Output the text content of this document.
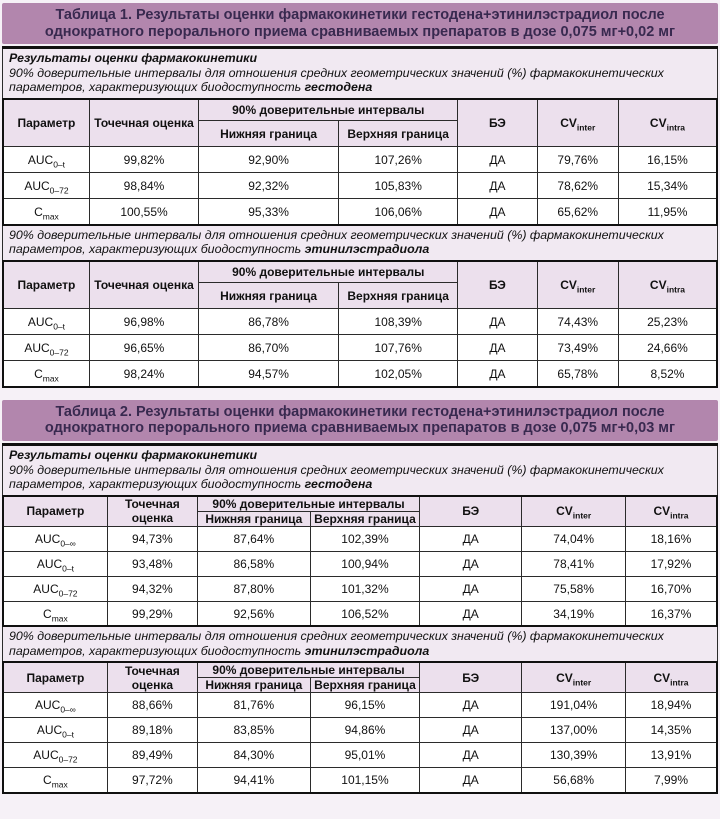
Таблица 1. Результаты оценки фармакокинетики гестодена+этинилэстрадиол после однократного перорального приема сравниваемых препаратов в дозе 0,075 мг+0,02 мг
Результаты оценки фармакокинетики
90% доверительные интервалы для отношения средних геометрических значений (%) фармакокинетических параметров, характеризующих биодоступность гестодена
Параметр	Точечная оценка	90% доверительные интервалы		БЭ	$CV_{inter}$	$CV_{intra}$
		Нижняя граница	Верхняя граница			
$AUC_{0-t}$	99,82%	92,90%	107,26%	ДА	79,76%	16,15%
$AUC_{0-72}$	98,84%	92,32%	105,83%	ДА	78,62%	15,34%
$C_{max}$	100,55%	95,33%	106,06%	ДА	65,62%	11,95%
90% доверительные интервалы для отношения средних геометрических значений (%) фармакокинетических параметров, характеризующих биодоступность этинилэстрадиола
Параметр	Точечная оценка	90% доверительные интервалы		БЭ	$CV_{inter}$	$CV_{intra}$
		Нижняя граница	Верхняя граница			
$AUC_{0-t}$	96,98%	86,78%	108,39%	ДА	74,43%	25,23%
$AUC_{0-72}$	96,65%	86,70%	107,76%	ДА	73,49%	24,66%
$C_{max}$	98,24%	94,57%	102,05%	ДА	65,78%	8,52%
Таблица 2. Результаты оценки фармакокинетики гестодена+этинилэстрадиол после однократного перорального приема сравниваемых препаратов в дозе 0,075 мг+0,03 мг
Результаты оценки фармакокинетики
90% доверительные интервалы для отношения средних геометрических значений (%) фармакокинетических параметров, характеризующих биодоступность гестодена
Параметр	Точечная оценка	90% доверительные интервалы		БЭ	$CV_{inter}$	$CV_{intra}$
		Нижняя граница	Верхняя граница			
$AUC_{0-\infty}$	94,73%	87,64%	102,39%	ДА	74,04%	18,16%
$AUC_{0-t}$	93,48%	86,58%	100,94%	ДА	78,41%	17,92%
$AUC_{0-72}$	94,32%	87,80%	101,32%	ДА	75,58%	16,70%
$C_{max}$	99,29%	92,56%	106,52%	ДА	34,19%	16,37%
90% доверительные интервалы для отношения средних геометрических значений (%) фармакокинетических параметров, характеризующих биодоступность этинилэстрадиола
Параметр	Точечная оценка	90% доверительные интервалы		БЭ	$CV_{inter}$	$CV_{intra}$
		Нижняя граница	Верхняя граница			
$AUC_{0-\infty}$	88,66%	81,76%	96,15%	ДА	191,04%	18,94%
$AUC_{0-t}$	89,18%	83,85%	94,86%	ДА	137,00%	14,35%
$AUC_{0-72}$	89,49%	84,30%	95,01%	ДА	130,39%	13,91%
$C_{max}$	97,72%	94,41%	101,15%	ДА	56,68%	7,99%
